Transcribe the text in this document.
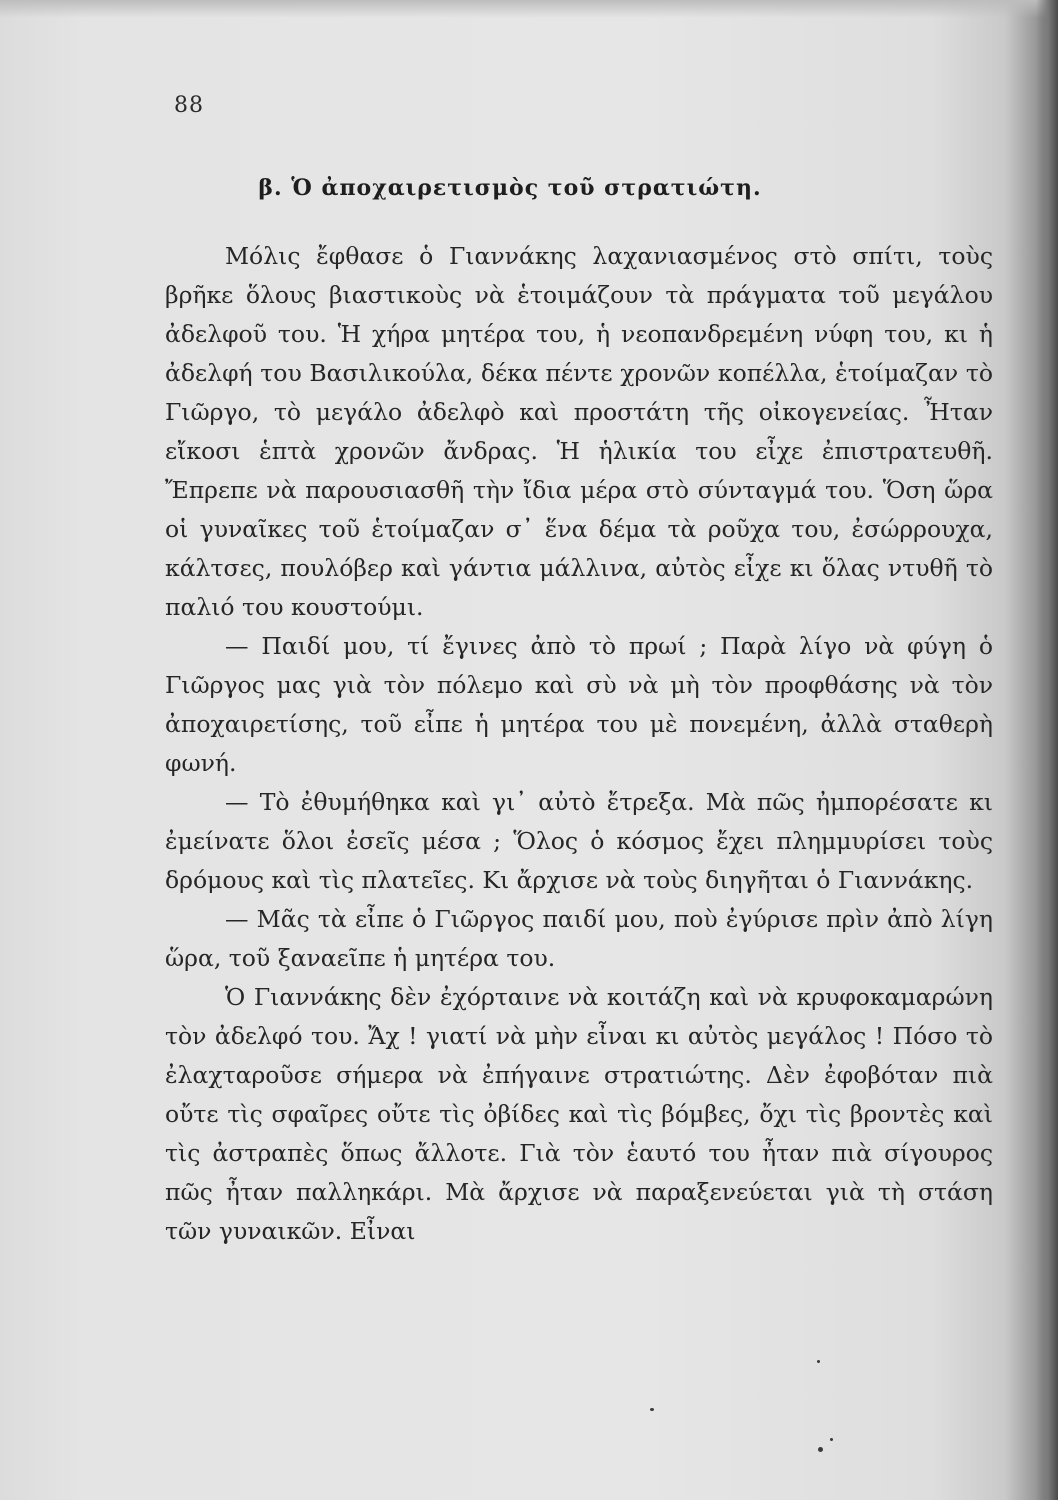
88
β. Ὁ ἀποχαιρετισμὸς τοῦ στρατιώτη.

Μόλις ἔφθασε ὁ Γιαννάκης λαχανιασμένος στὸ σπίτι, τοὺς βρῆκε ὅλους βιαστικοὺς νὰ ἑτοιμάζουν τὰ πράγματα τοῦ μεγάλου ἀδελφοῦ του. Ἡ χήρα μητέρα του, ἡ νεοπανδρεμένη νύφη του, κι ἡ ἀδελφή του Βασιλικούλα, δέκα πέντε χρονῶν κοπέλλα, ἑτοίμαζαν τὸ Γιῶργο, τὸ μεγάλο ἀδελφὸ καὶ προστάτη τῆς οἰκογενείας. Ἦταν εἴκοσι ἑπτὰ χρονῶν ἄνδρας. Ἡ ἡλικία του εἶχε ἐπιστρατευθῆ. Ἔπρεπε νὰ παρουσιασθῆ τὴν ἴδια μέρα στὸ σύνταγμά του. Ὅση ὥρα οἱ γυναῖκες τοῦ ἑτοίμαζαν σ᾿ ἕνα δέμα τὰ ροῦχα του, ἐσώρρουχα, κάλτσες, πουλόβερ καὶ γάντια μάλλινα, αὐτὸς εἶχε κι ὅλας ντυθῆ τὸ παλιό του κουστούμι.

— Παιδί μου, τί ἔγινες ἀπὸ τὸ πρωί ; Παρὰ λίγο νὰ φύγη ὁ Γιῶργος μας γιὰ τὸν πόλεμο καὶ σὺ νὰ μὴ τὸν προφθάσης νὰ τὸν ἀποχαιρετίσης, τοῦ εἶπε ἡ μητέρα του μὲ πονεμένη, ἀλλὰ σταθερὴ φωνή.

— Τὸ ἐθυμήθηκα καὶ γι᾿ αὐτὸ ἔτρεξα. Μὰ πῶς ἠμπορέσατε κι ἐμείνατε ὅλοι ἐσεῖς μέσα ; Ὅλος ὁ κόσμος ἔχει πλημμυρίσει τοὺς δρόμους καὶ τὶς πλατεῖες. Κι ἄρχισε νὰ τοὺς διηγῆται ὁ Γιαννάκης.

— Μᾶς τὰ εἶπε ὁ Γιῶργος παιδί μου, ποὺ ἐγύρισε πρὶν ἀπὸ λίγη ὥρα, τοῦ ξαναεῖπε ἡ μητέρα του.

Ὁ Γιαννάκης δὲν ἐχόρταινε νὰ κοιτάζη καὶ νὰ κρυφοκαμαρώνη τὸν ἀδελφό του. Ἄχ ! γιατί νὰ μὴν εἶναι κι αὐτὸς μεγάλος ! Πόσο τὸ ἐλαχταροῦσε σήμερα νὰ ἐπήγαινε στρατιώτης. Δὲν ἐφοβόταν πιὰ οὔτε τὶς σφαῖρες οὔτε τὶς ὀβίδες καὶ τὶς βόμβες, ὄχι τὶς βροντὲς καὶ τὶς ἀστραπὲς ὅπως ἄλλοτε. Γιὰ τὸν ἑαυτό του ἦταν πιὰ σίγουρος πῶς ἦταν παλληκάρι. Μὰ ἄρχισε νὰ παραξενεύεται γιὰ τὴ στάση τῶν γυναικῶν. Εἶναι
